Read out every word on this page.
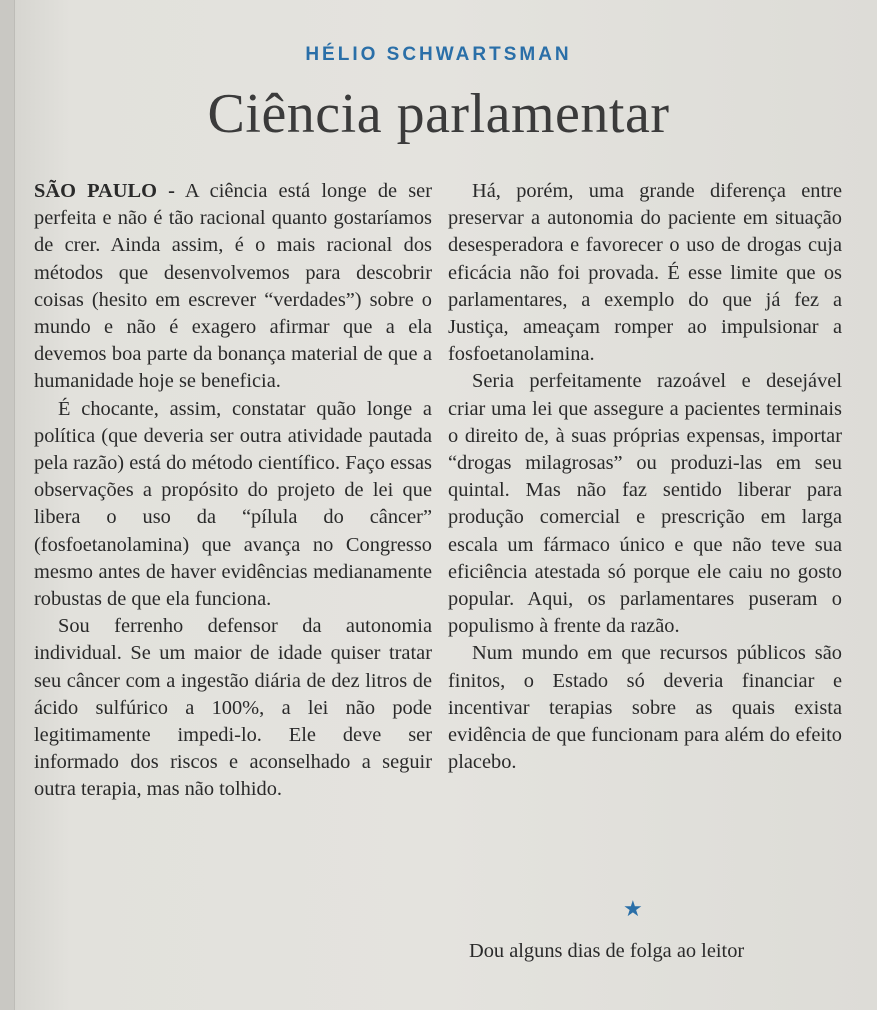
HÉLIO SCHWARTSMAN
Ciência parlamentar

SÃO PAULO - A ciência está longe de ser perfeita e não é tão racional quanto gostaríamos de crer. Ainda assim, é o mais racional dos métodos que desenvolvemos para descobrir coisas (hesito em escrever “verdades”) sobre o mundo e não é exagero afirmar que a ela devemos boa parte da bonança material de que a humanidade hoje se beneficia.

É chocante, assim, constatar quão longe a política (que deveria ser outra atividade pautada pela razão) está do método científico. Faço essas observações a propósito do projeto de lei que libera o uso da “pílula do câncer” (fosfoetanolamina) que avança no Congresso mesmo antes de haver evidências medianamente robustas de que ela funciona.

Sou ferrenho defensor da autonomia individual. Se um maior de idade quiser tratar seu câncer com a ingestão diária de dez litros de ácido sulfúrico a 100%, a lei não pode legitimamente impedi-lo. Ele deve ser informado dos riscos e aconselhado a seguir outra terapia, mas não tolhido.

Há, porém, uma grande diferença entre preservar a autonomia do paciente em situação desesperadora e favorecer o uso de drogas cuja eficácia não foi provada. É esse limite que os parlamentares, a exemplo do que já fez a Justiça, ameaçam romper ao impulsionar a fosfoetanolamina.

Seria perfeitamente razoável e desejável criar uma lei que assegure a pacientes terminais o direito de, à suas próprias expensas, importar “drogas milagrosas” ou produzi-las em seu quintal. Mas não faz sentido liberar para produção comercial e prescrição em larga escala um fármaco único e que não teve sua eficiência atestada só porque ele caiu no gosto popular. Aqui, os parlamentares puseram o populismo à frente da razão.

Num mundo em que recursos públicos são finitos, o Estado só deveria financiar e incentivar terapias sobre as quais exista evidência de que funcionam para além do efeito placebo.

★
Dou alguns dias de folga ao leitor
